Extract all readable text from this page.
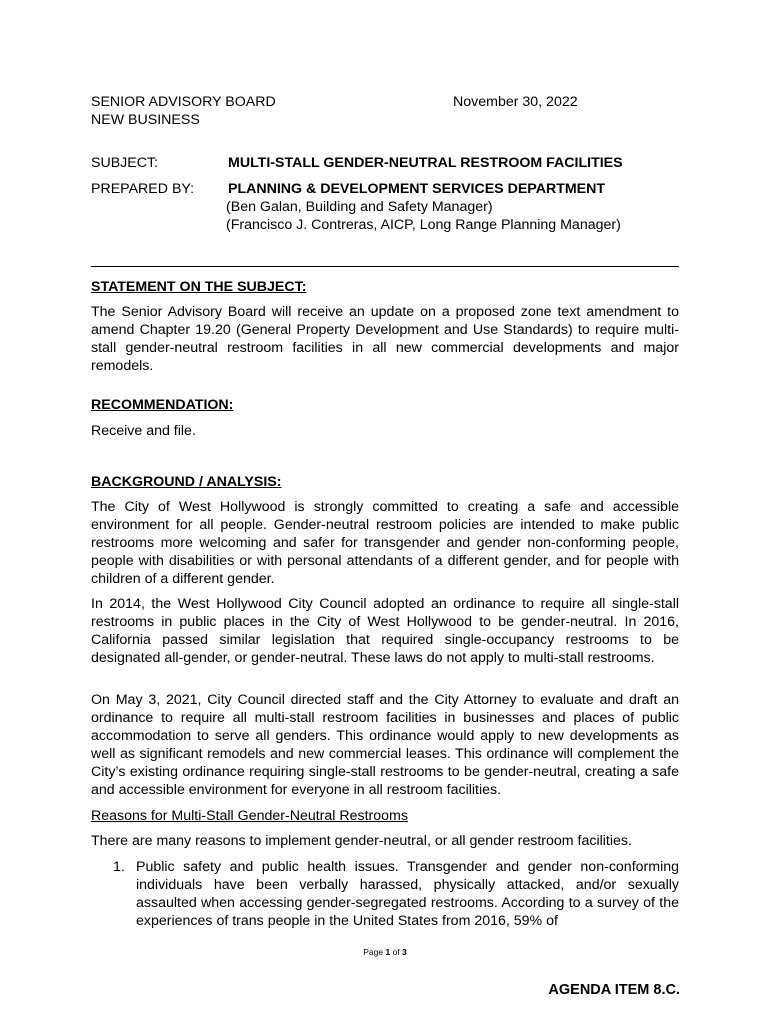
SENIOR ADVISORY BOARD
NEW BUSINESS
November 30, 2022
SUBJECT:	MULTI-STALL GENDER-NEUTRAL RESTROOM FACILITIES
PREPARED BY: PLANNING & DEVELOPMENT SERVICES DEPARTMENT
(Ben Galan, Building and Safety Manager)
(Francisco J. Contreras, AICP, Long Range Planning Manager)
STATEMENT ON THE SUBJECT:
The Senior Advisory Board will receive an update on a proposed zone text amendment to amend Chapter 19.20 (General Property Development and Use Standards) to require multi-stall gender-neutral restroom facilities in all new commercial developments and major remodels.
RECOMMENDATION:
Receive and file.
BACKGROUND / ANALYSIS:
The City of West Hollywood is strongly committed to creating a safe and accessible environment for all people. Gender-neutral restroom policies are intended to make public restrooms more welcoming and safer for transgender and gender non-conforming people, people with disabilities or with personal attendants of a different gender, and for people with children of a different gender.
In 2014, the West Hollywood City Council adopted an ordinance to require all single-stall restrooms in public places in the City of West Hollywood to be gender-neutral. In 2016, California passed similar legislation that required single-occupancy restrooms to be designated all-gender, or gender-neutral. These laws do not apply to multi-stall restrooms.
On May 3, 2021, City Council directed staff and the City Attorney to evaluate and draft an ordinance to require all multi-stall restroom facilities in businesses and places of public accommodation to serve all genders. This ordinance would apply to new developments as well as significant remodels and new commercial leases. This ordinance will complement the City’s existing ordinance requiring single-stall restrooms to be gender-neutral, creating a safe and accessible environment for everyone in all restroom facilities.
Reasons for Multi-Stall Gender-Neutral Restrooms
There are many reasons to implement gender-neutral, or all gender restroom facilities.
1. Public safety and public health issues. Transgender and gender non-conforming individuals have been verbally harassed, physically attacked, and/or sexually assaulted when accessing gender-segregated restrooms. According to a survey of the experiences of trans people in the United States from 2016, 59% of
Page 1 of 3
AGENDA ITEM 8.C.
